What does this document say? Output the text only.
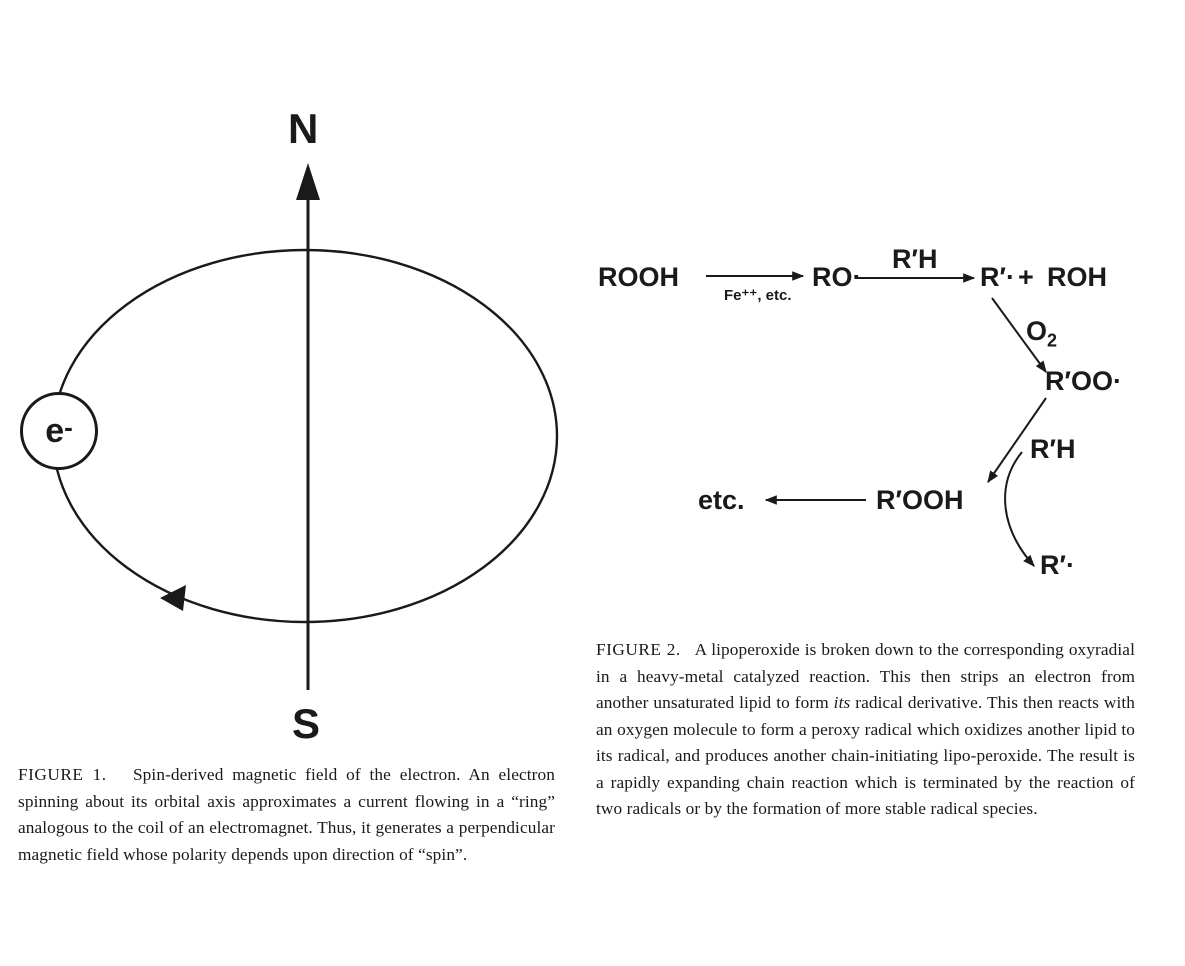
N
S
e-
ROOH
Fe⁺⁺, etc.
RO·
R′H
R′· + ROH
$O_2$
R′OO·
R′H
R′OOH
etc.
R′·
FIGURE 1. Spin-derived magnetic field of the electron. An electron spinning about its orbital axis approximates a current flowing in a “ring” analogous to the coil of an electromagnet. Thus, it generates a perpendicular magnetic field whose polarity depends upon direction of “spin”.
FIGURE 2. A lipoperoxide is broken down to the corresponding oxyradial in a heavy-metal catalyzed reaction. This then strips an electron from another unsaturated lipid to form its radical derivative. This then reacts with an oxygen molecule to form a peroxy radical which oxidizes another lipid to its radical, and produces another chain-initiating lipo-peroxide. The result is a rapidly expanding chain reaction which is terminated by the reaction of two radicals or by the formation of more stable radical species.
